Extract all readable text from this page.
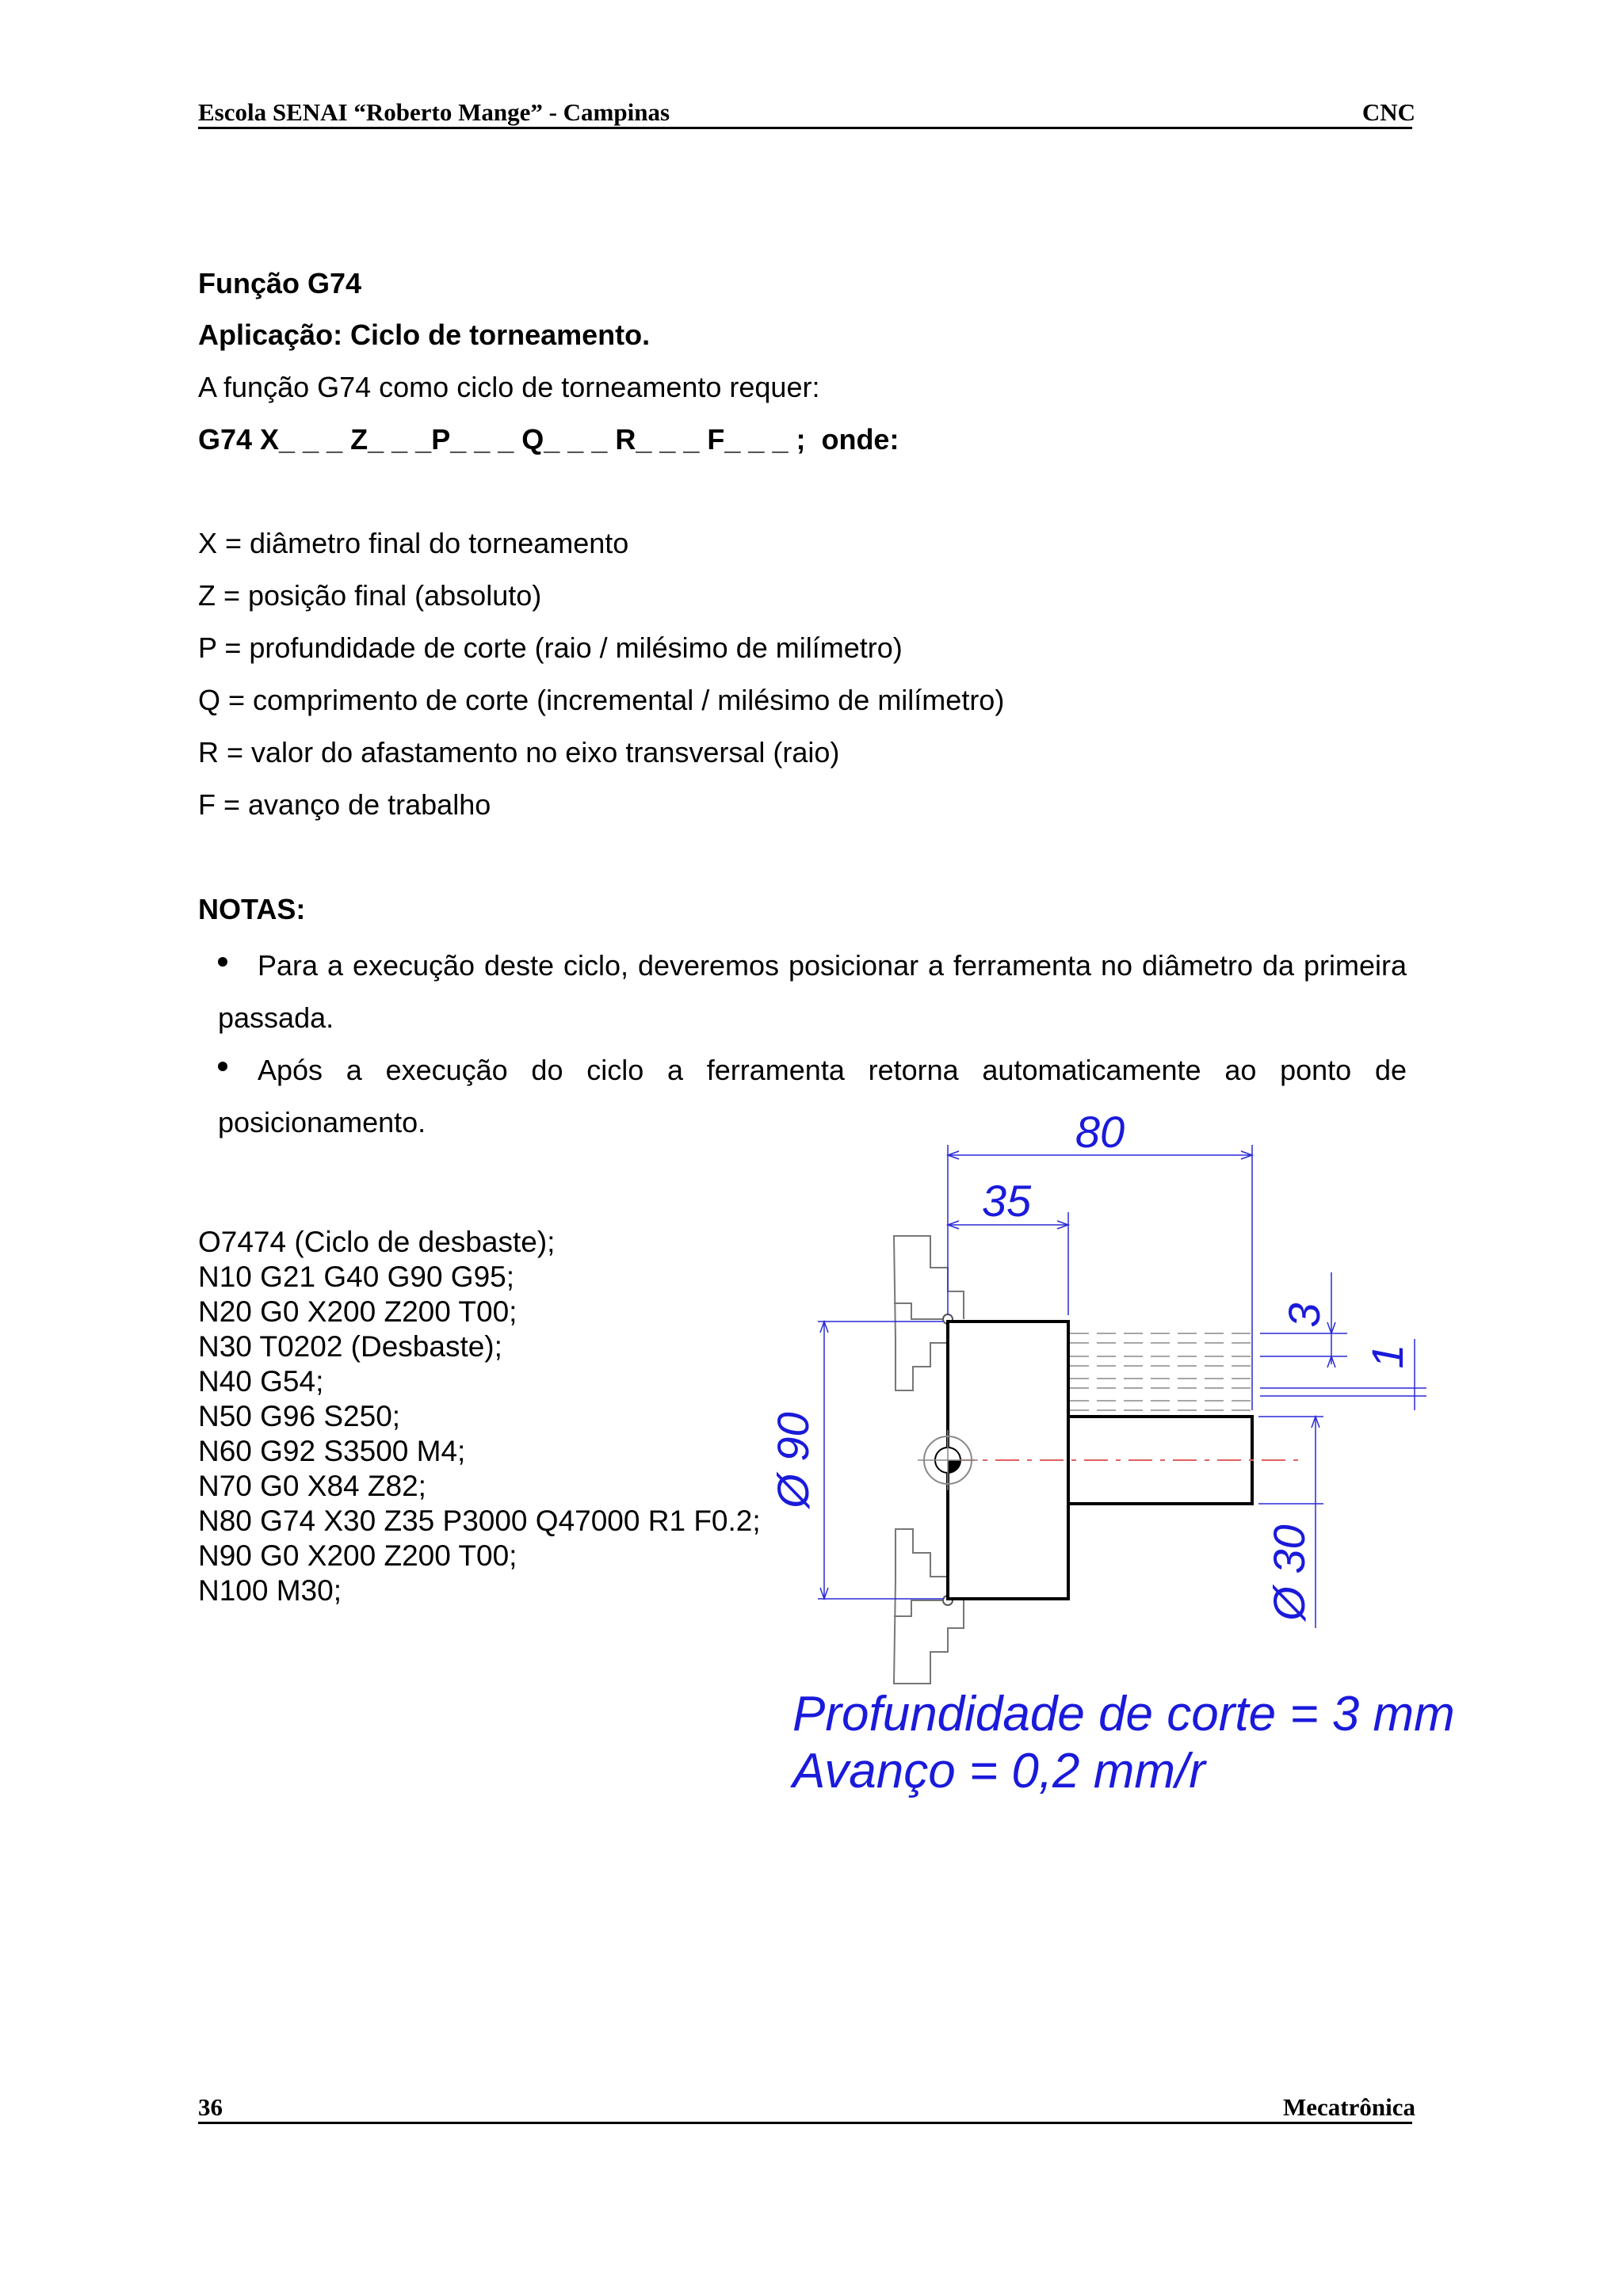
Escola SENAI “Roberto Mange” - Campinas	CNC
Função G74
Aplicação: Ciclo de torneamento.
A função G74 como ciclo de torneamento requer:
G74 X_ _ _ Z_ _ _P_ _ _ Q_ _ _ R_ _ _ F_ _ _ ;  onde:
X = diâmetro final do torneamento
Z = posição final (absoluto)
P = profundidade de corte (raio / milésimo de milímetro)
Q = comprimento de corte (incremental / milésimo de milímetro)
R = valor do afastamento no eixo transversal (raio)
F = avanço de trabalho
NOTAS:
Para a execução deste ciclo, deveremos posicionar a ferramenta no diâmetro da primeira passada.
Após a execução do ciclo a ferramenta retorna automaticamente ao ponto de posicionamento.
O7474 (Ciclo de desbaste);
N10 G21 G40 G90 G95;
N20 G0 X200 Z200 T00;
N30 T0202 (Desbaste);
N40 G54;
N50 G96 S250;
N60 G92 S3500 M4;
N70 G0 X84 Z82;
N80 G74 X30 Z35 P3000 Q47000 R1 F0.2;
N90 G0 X200 Z200 T00;
N100 M30;
80
35
3
1
Ø 90
Ø 30
Profundidade de corte = 3 mm
Avanço = 0,2 mm/r
36	Mecatrônica
